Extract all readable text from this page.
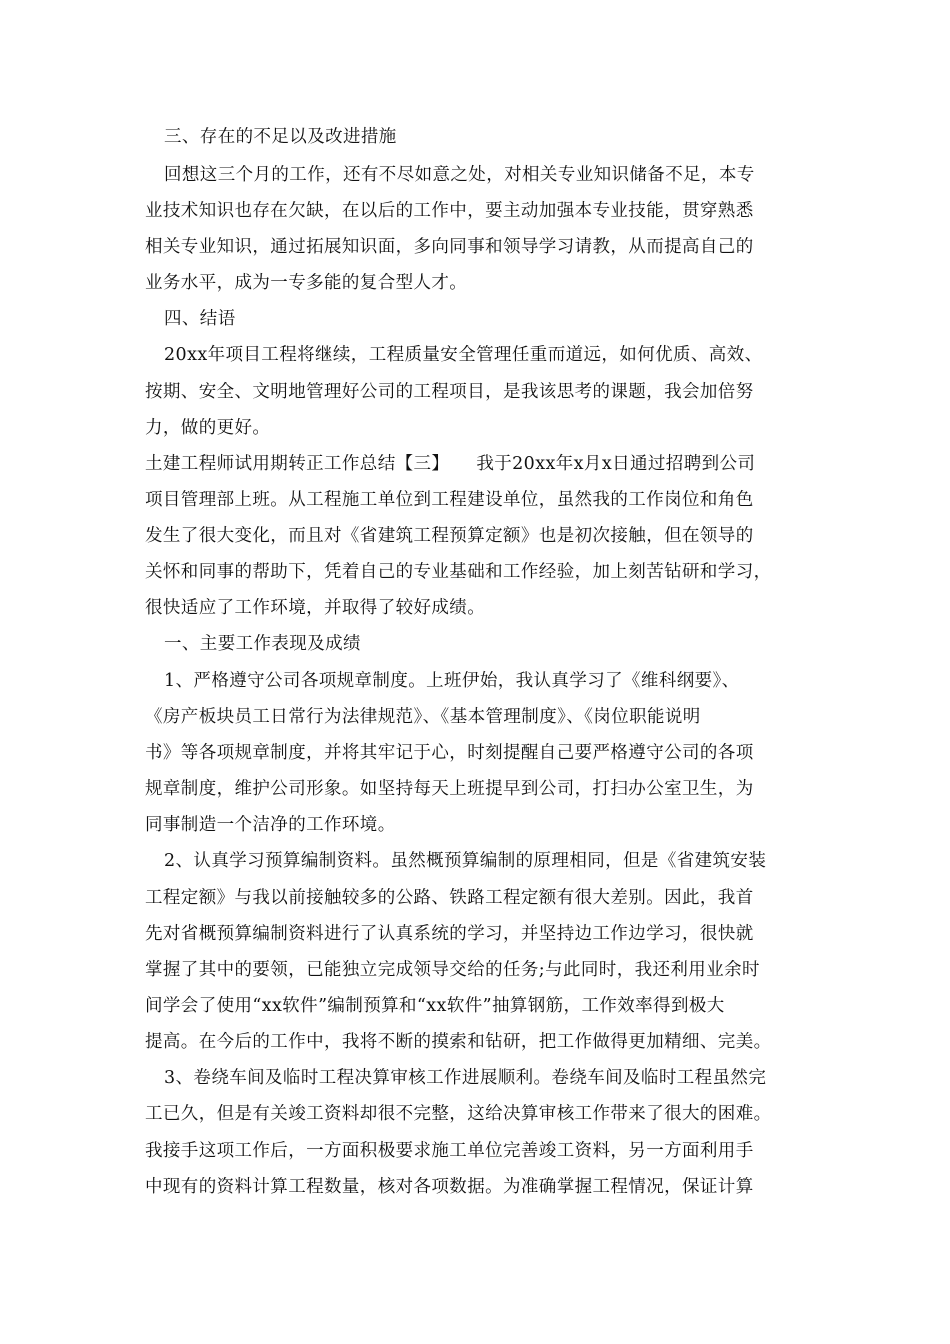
三、存在的不足以及改进措施
回想这三个月的工作，还有不尽如意之处，对相关专业知识储备不足，本专
业技术知识也存在欠缺，在以后的工作中，要主动加强本专业技能，贯穿熟悉
相关专业知识，通过拓展知识面，多向同事和领导学习请教，从而提高自己的
业务水平，成为一专多能的复合型人才。
四、结语
20xx年项目工程将继续，工程质量安全管理任重而道远，如何优质、高效、
按期、安全、文明地管理好公司的工程项目，是我该思考的课题，我会加倍努
力，做的更好。
土建工程师试用期转正工作总结【三】　　我于20xx年x月x日通过招聘到公司
项目管理部上班。从工程施工单位到工程建设单位，虽然我的工作岗位和角色
发生了很大变化，而且对《省建筑工程预算定额》也是初次接触，但在领导的
关怀和同事的帮助下，凭着自己的专业基础和工作经验，加上刻苦钻研和学习，
很快适应了工作环境，并取得了较好成绩。
一、主要工作表现及成绩
1、严格遵守公司各项规章制度。上班伊始，我认真学习了《维科纲要》、
《房产板块员工日常行为法律规范》、《基本管理制度》、《岗位职能说明
书》等各项规章制度，并将其牢记于心，时刻提醒自己要严格遵守公司的各项
规章制度，维护公司形象。如坚持每天上班提早到公司，打扫办公室卫生，为
同事制造一个洁净的工作环境。
2、认真学习预算编制资料。虽然概预算编制的原理相同，但是《省建筑安装
工程定额》与我以前接触较多的公路、铁路工程定额有很大差别。因此，我首
先对省概预算编制资料进行了认真系统的学习，并坚持边工作边学习，很快就
掌握了其中的要领，已能独立完成领导交给的任务;与此同时，我还利用业余时
间学会了使用“xx软件”编制预算和“xx软件”抽算钢筋，工作效率得到极大
提高。在今后的工作中，我将不断的摸索和钻研，把工作做得更加精细、完美。
3、卷绕车间及临时工程决算审核工作进展顺利。卷绕车间及临时工程虽然完
工已久，但是有关竣工资料却很不完整，这给决算审核工作带来了很大的困难。
我接手这项工作后，一方面积极要求施工单位完善竣工资料，另一方面利用手
中现有的资料计算工程数量，核对各项数据。为准确掌握工程情况，保证计算
